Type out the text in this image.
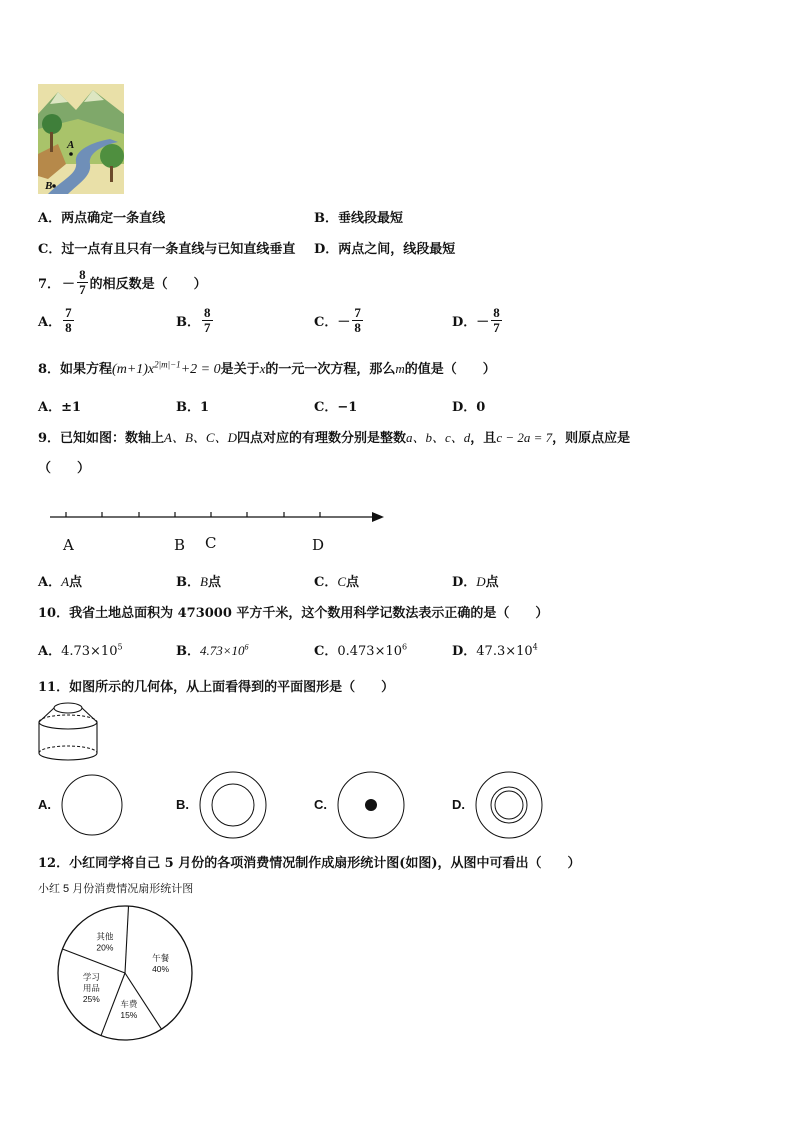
A
B
A．两点确定一条直线	B．垂线段最短
C．过一点有且只有一条直线与已知直线垂直 D．两点之间，线段最短
7． － $\frac{8}{7}$ 的相反数是（　　）
A． $\frac{7}{8}$	B． $\frac{8}{7}$	C． － $\frac{7}{8}$	D． － $\frac{8}{7}$
8．如果方程$(m+1)x^{2|m|-1}+2 = 0$是关于x的一元一次方程，那么m的值是（　　）
A．±1	B．1	C．−1	D．0
9．已知如图：数轴上A、B、C、D四点对应的有理数分别是整数a、b、c、d，且c − 2a = 7，则原点应是
（　　）
A	B C	D
A．A点	B．B点	C．C点	D．D点
10．我省土地总面积为 473000 平方千米，这个数用科学记数法表示正确的是（　　）
A．$4.73\times 10^5$	B．$4.73\times 10^6$	C．$0.473\times 10^6$	D．$47.3\times 10^4$
11．如图所示的几何体，从上面看得到的平面图形是（　　）
A.	B.	C.	D.
12．小红同学将自己 5 月份的各项消费情况制作成扇形统计图(如图)，从图中可看出（　　）
小红 5 月份消费情况扇形统计图
午餐 40%
车费 15%
学习用品 25%
其他 20%
